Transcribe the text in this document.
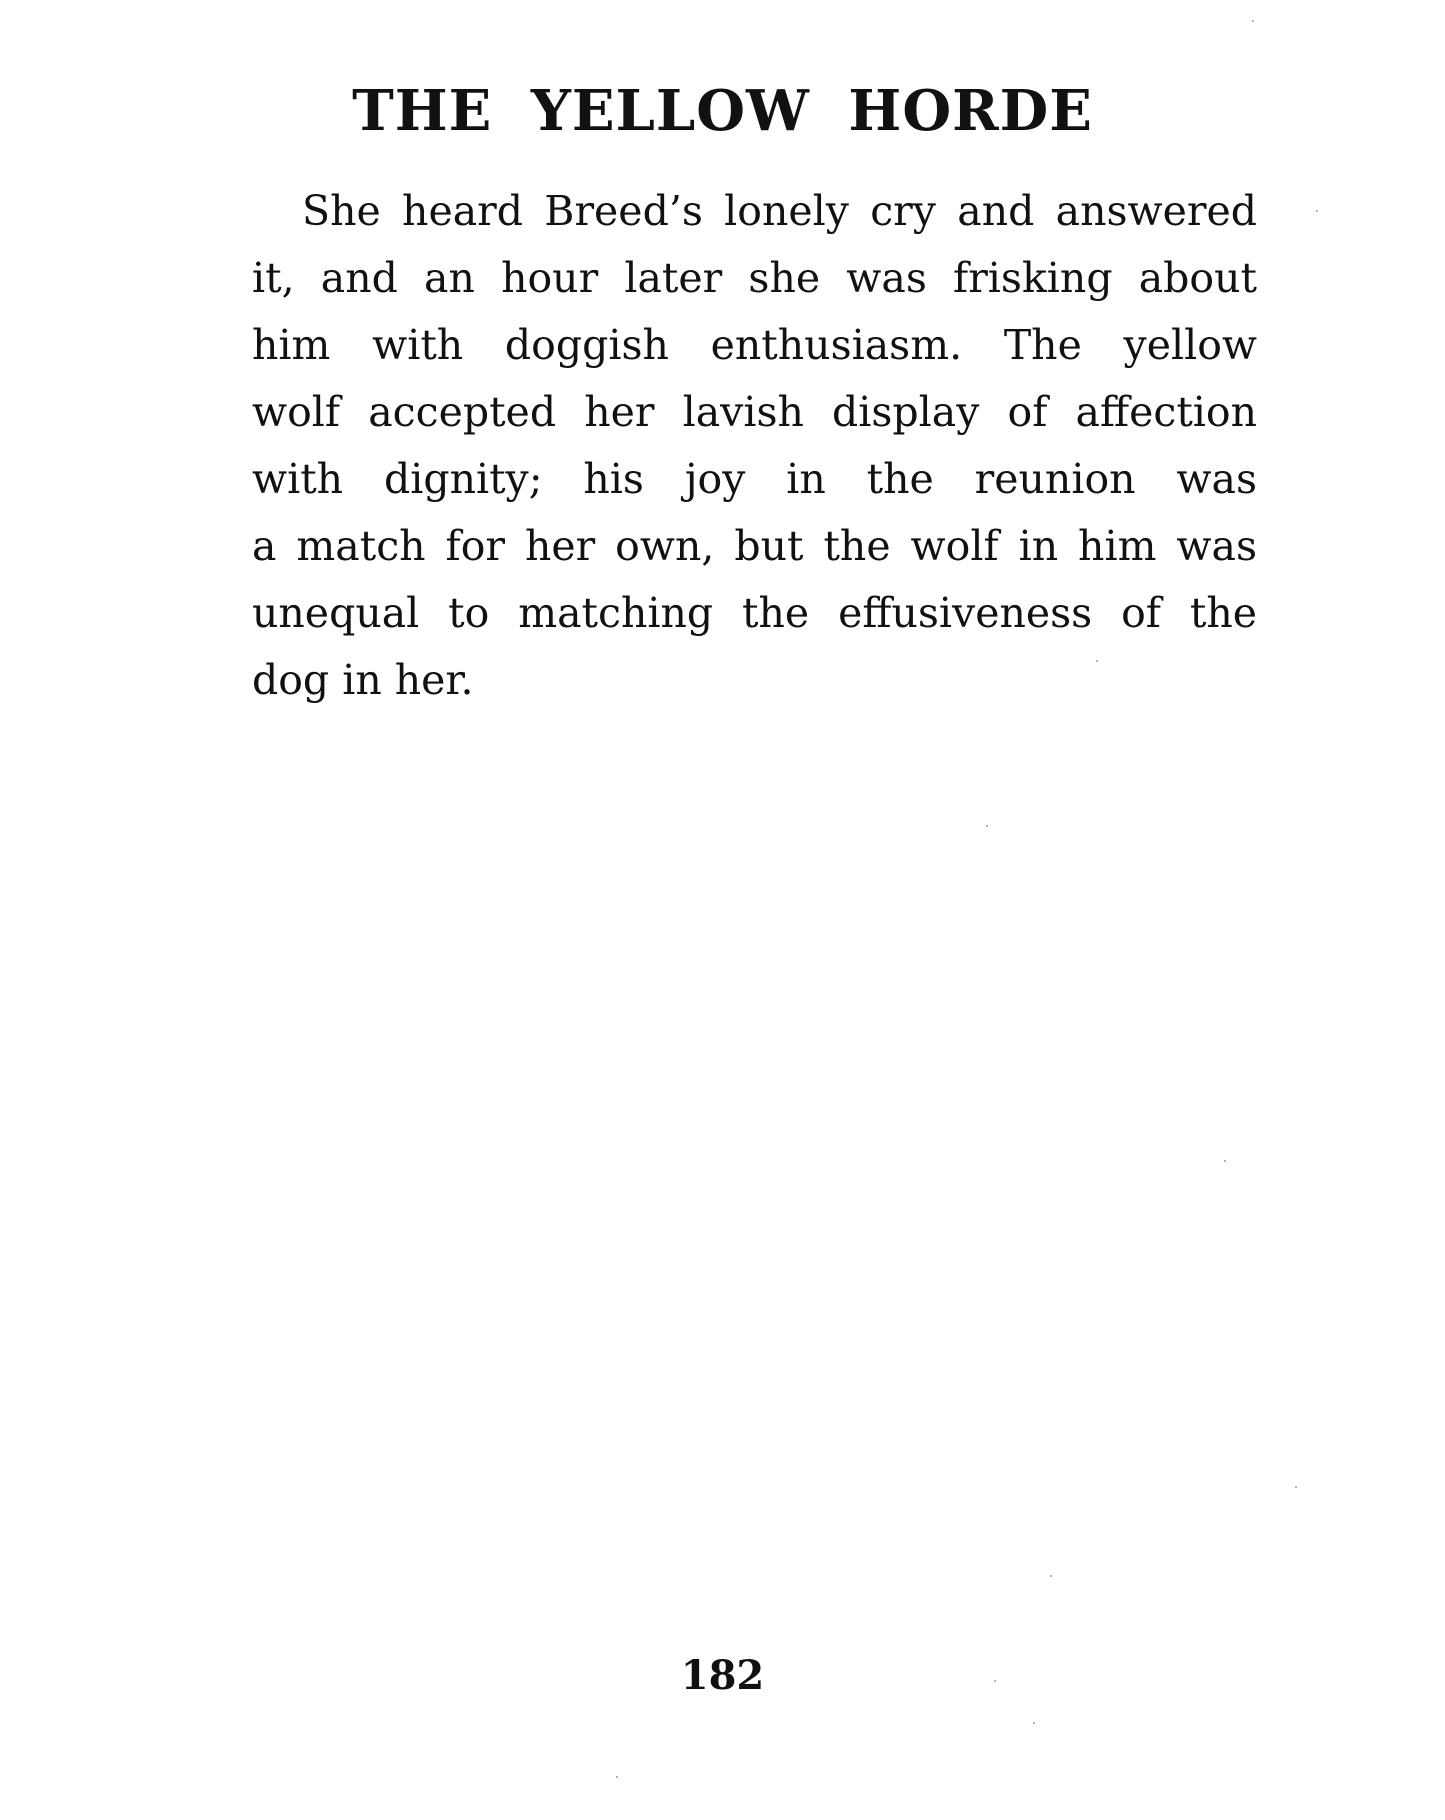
THE YELLOW HORDE
She heard Breed’s lonely cry and answered
it, and an hour later she was frisking about
him with doggish enthusiasm. The yellow
wolf accepted her lavish display of affection
with dignity; his joy in the reunion was
a match for her own, but the wolf in him was
unequal to matching the effusiveness of the
dog in her.
182
